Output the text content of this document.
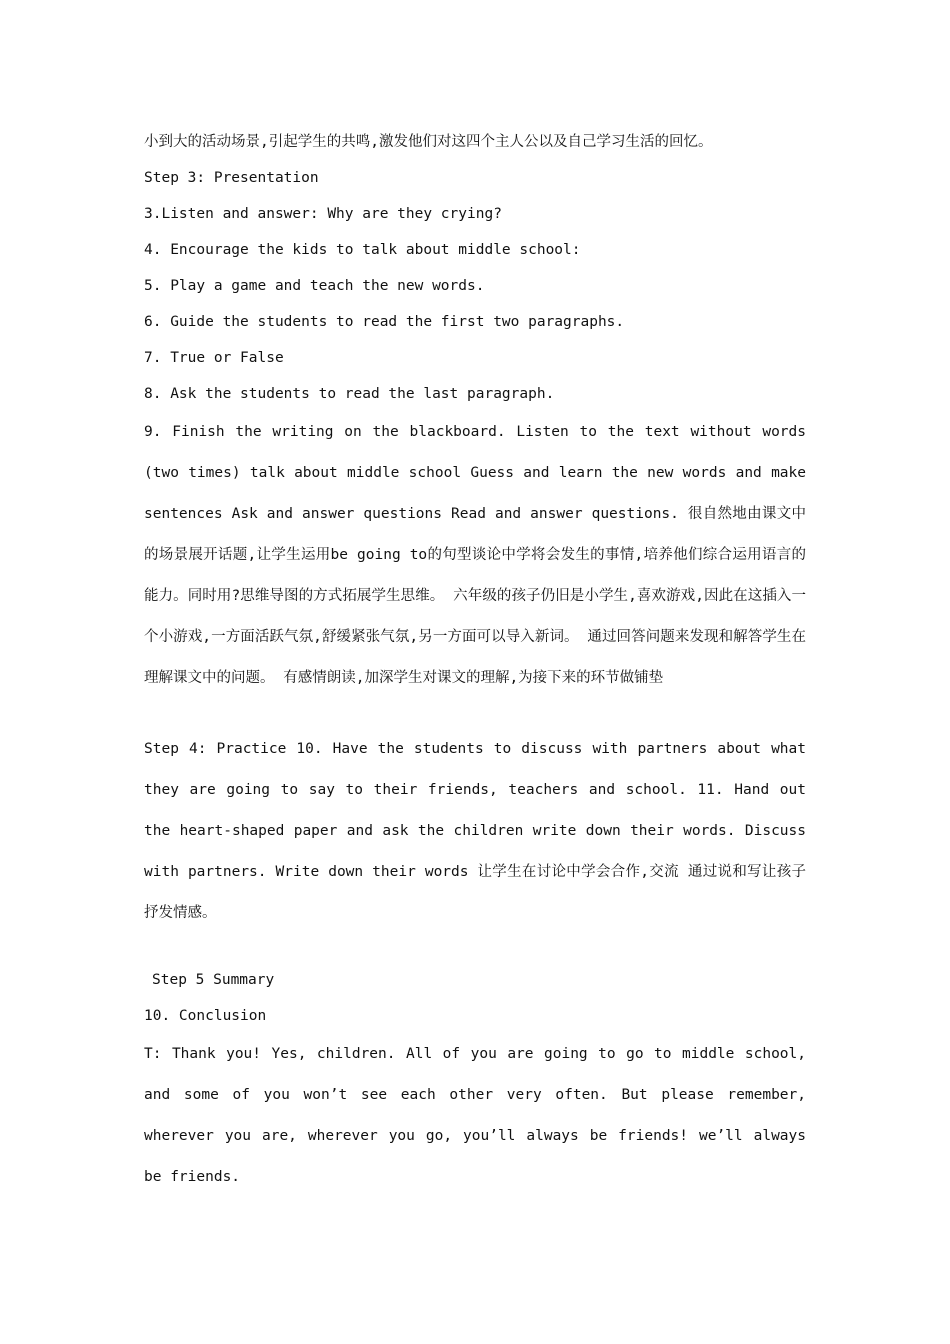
小到大的活动场景,引起学生的共鸣,激发他们对这四个主人公以及自己学习生活的回忆。
Step 3: Presentation
3.Listen and answer: Why are they crying?
4. Encourage the kids to talk about middle school:
5. Play a game and teach the new words.
6. Guide the students to read the first two paragraphs.
7. True or False
8. Ask the students to read the last paragraph.
9. Finish the writing on the blackboard. Listen to the text without words (two times) talk about middle school Guess and learn the new words and make sentences Ask and answer questions Read and answer questions. 很自然地由课文中的场景展开话题,让学生运用be going to的句型谈论中学将会发生的事情,培养他们综合运用语言的能力。同时用?思维导图的方式拓展学生思维。 六年级的孩子仍旧是小学生,喜欢游戏,因此在这插入一个小游戏,一方面活跃气氛,舒缓紧张气氛,另一方面可以导入新词。 通过回答问题来发现和解答学生在理解课文中的问题。 有感情朗读,加深学生对课文的理解,为接下来的环节做铺垫
Step 4: Practice 10. Have the students to discuss with partners about what they are going to say to their friends, teachers and school. 11. Hand out the heart-shaped paper and ask the children write down their words. Discuss with partners. Write down their words 让学生在讨论中学会合作,交流 通过说和写让孩子抒发情感。
Step 5 Summary
10. Conclusion
T: Thank you! Yes, children. All of you are going to go to middle school, and some of you won’t see each other very often. But please remember, wherever you are, wherever you go, you’ll always be friends! we’ll always be friends.
